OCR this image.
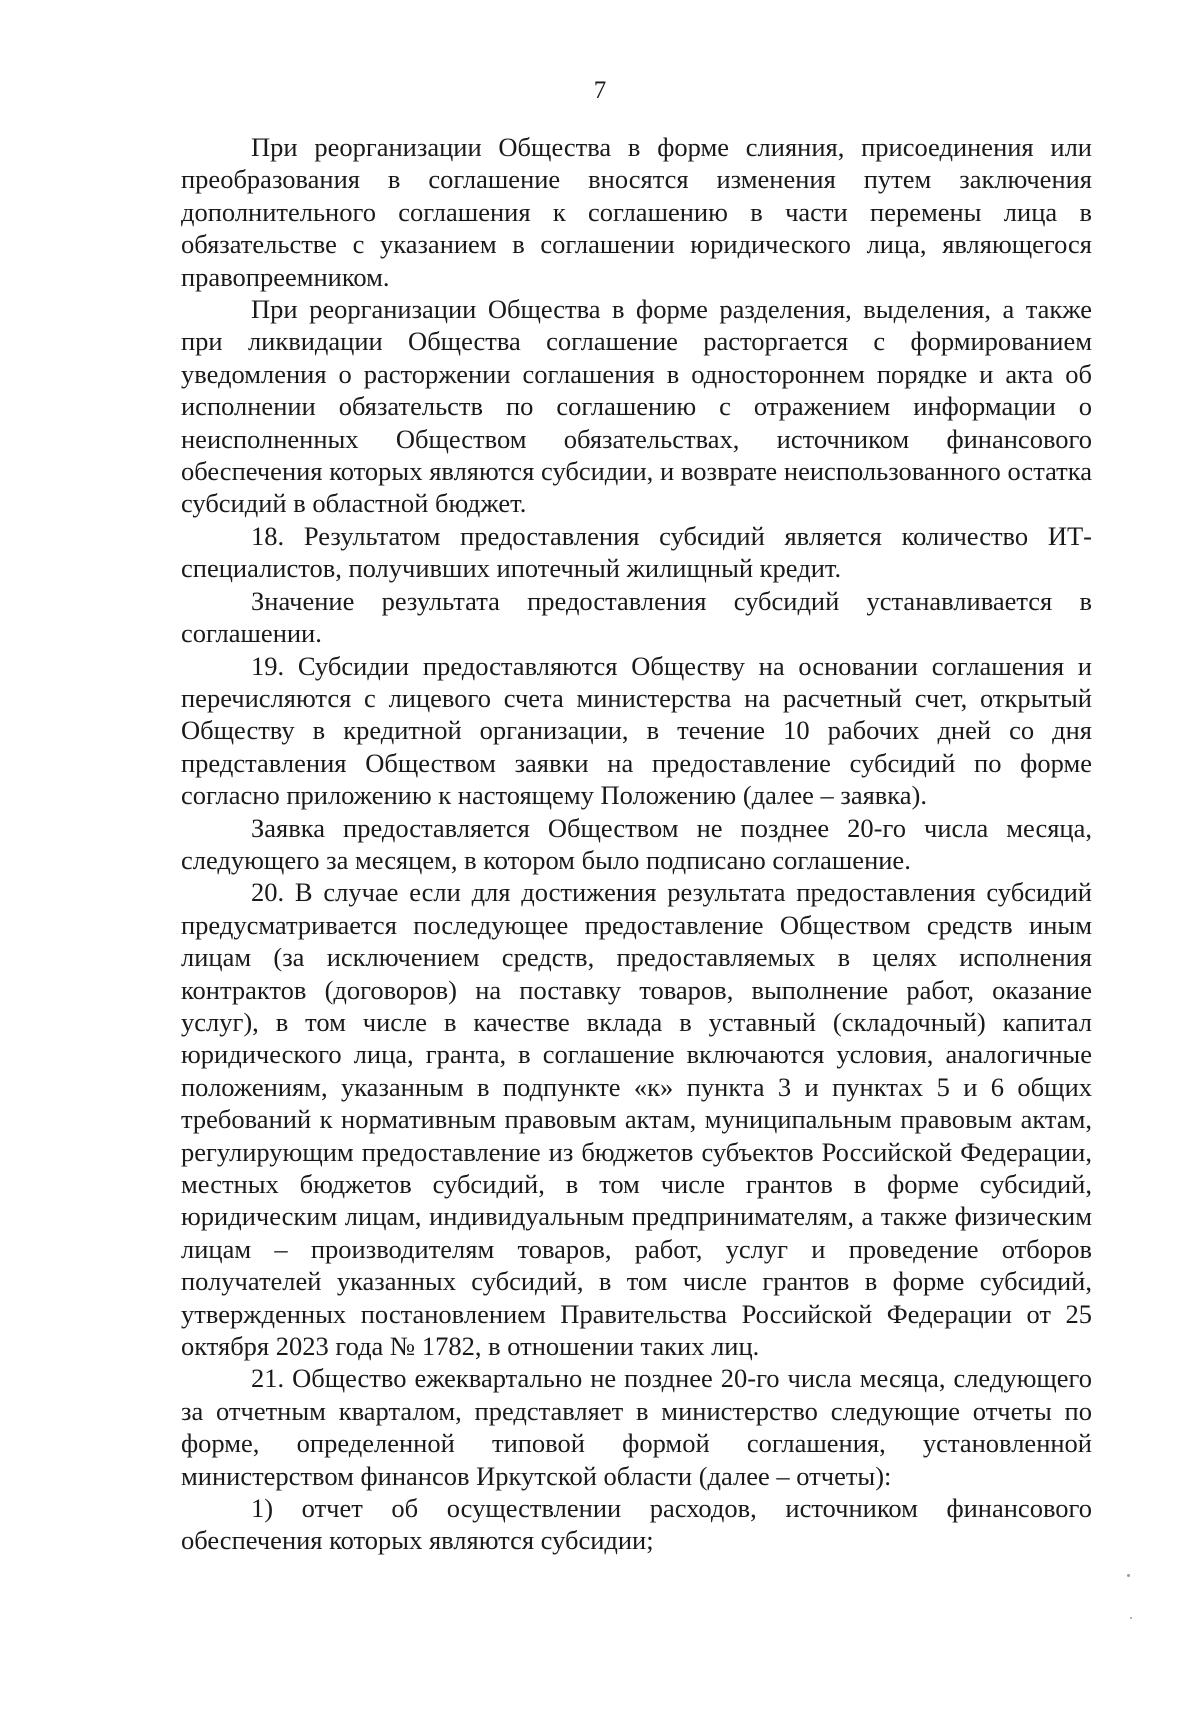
7

При реорганизации Общества в форме слияния, присоединения или преобразования в соглашение вносятся изменения путем заключения дополнительного соглашения к соглашению в части перемены лица в обязательстве с указанием в соглашении юридического лица, являющегося правопреемником.

При реорганизации Общества в форме разделения, выделения, а также при ликвидации Общества соглашение расторгается с формированием уведомления о расторжении соглашения в одностороннем порядке и акта об исполнении обязательств по соглашению с отражением информации о неисполненных Обществом обязательствах, источником финансового обеспечения которых являются субсидии, и возврате неиспользованного остатка субсидий в областной бюджет.

18. Результатом предоставления субсидий является количество ИТ-специалистов, получивших ипотечный жилищный кредит.

Значение результата предоставления субсидий устанавливается в соглашении.

19. Субсидии предоставляются Обществу на основании соглашения и перечисляются с лицевого счета министерства на расчетный счет, открытый Обществу в кредитной организации, в течение 10 рабочих дней со дня представления Обществом заявки на предоставление субсидий по форме согласно приложению к настоящему Положению (далее – заявка).

Заявка предоставляется Обществом не позднее 20-го числа месяца, следующего за месяцем, в котором было подписано соглашение.

20. В случае если для достижения результата предоставления субсидий предусматривается последующее предоставление Обществом средств иным лицам (за исключением средств, предоставляемых в целях исполнения контрактов (договоров) на поставку товаров, выполнение работ, оказание услуг), в том числе в качестве вклада в уставный (складочный) капитал юридического лица, гранта, в соглашение включаются условия, аналогичные положениям, указанным в подпункте «к» пункта 3 и пунктах 5 и 6 общих требований к нормативным правовым актам, муниципальным правовым актам, регулирующим предоставление из бюджетов субъектов Российской Федерации, местных бюджетов субсидий, в том числе грантов в форме субсидий, юридическим лицам, индивидуальным предпринимателям, а также физическим лицам – производителям товаров, работ, услуг и проведение отборов получателей указанных субсидий, в том числе грантов в форме субсидий, утвержденных постановлением Правительства Российской Федерации от 25 октября 2023 года № 1782, в отношении таких лиц.

21. Общество ежеквартально не позднее 20-го числа месяца, следующего за отчетным кварталом, представляет в министерство следующие отчеты по форме, определенной типовой формой соглашения, установленной министерством финансов Иркутской области (далее – отчеты):

1) отчет об осуществлении расходов, источником финансового обеспечения которых являются субсидии;
